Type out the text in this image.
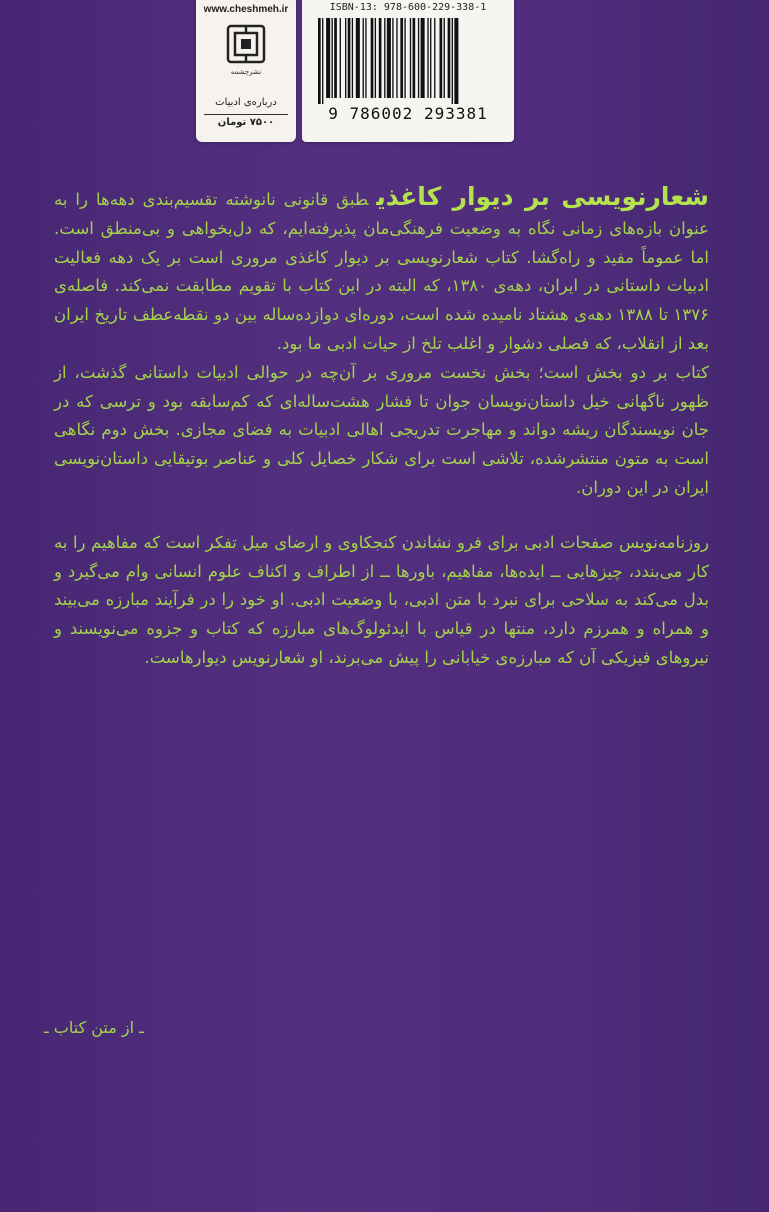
www.cheshmeh.ir
نشرچشمه
درباره‌ی ادبیات
۷۵۰۰ تومان
ISBN-13: 978-600-229-338-1
9 786002 293381

شعارنویسی بر دیوار کاغذیطبق قانونی نانوشته تقسیم‌بندی دهه‌ها را به عنوان بازه‌های زمانی نگاه به وضعیت فرهنگی‌مان پذیرفته‌ایم، که دل‌بخواهی و بی‌منطق است. اما عموماً مفید و راه‌گشا. کتاب شعارنویسی بر دیوار کاغذی مروری است بر یک دهه فعالیت ادبیات داستانی در ایران، دهه‌ی ۱۳۸۰، که البته در این کتاب با تقویم مطابقت نمی‌کند. فاصله‌ی ۱۳۷۶ تا ۱۳۸۸ دهه‌ی هشتاد نامیده شده است، دوره‌ای دوازده‌ساله بین دو نقطه‌عطف تاریخ ایران بعد از انقلاب، که فصلی دشوار و اغلب تلخ از حیات ادبی ما بود.

کتاب بر دو بخش است؛ بخش نخست مروری بر آن‌چه در حوالی ادبیات داستانی گذشت، از ظهور ناگهانی خیل داستان‌نویسان جوان تا فشار هشت‌ساله‌ای که کم‌سابقه بود و ترسی که در جان نویسندگان ریشه دواند و مهاجرت تدریجی اهالی ادبیات به فضای مجازی. بخش دوم نگاهی است به متون منتشرشده، تلاشی است برای شکار خصایل کلی و عناصر بوتیقایی داستان‌نویسی ایران در این دوران.

روزنامه‌نویس صفحات ادبی برای فرو نشاندن کنجکاوی و ارضای میل تفکر است که مفاهیم را به کار می‌بندد، چیزهایی ــ ایده‌ها، مفاهیم، باورها ــ از اطراف و اکناف علوم انسانی وام می‌گیرد و بدل می‌کند به سلاحی برای نبرد با متن ادبی، با وضعیت ادبی. او خود را در فرآیند مبارزه می‌بیند و همراه و همرزم دارد، منتها در قیاس با ایدئولوگ‌های مبارزه که کتاب و جزوه می‌نویسند و نیروهای فیزیکی آن که مبارزه‌ی خیابانی را پیش می‌برند، او شعارنویس دیوارهاست.

ـ از متن کتاب ـ
